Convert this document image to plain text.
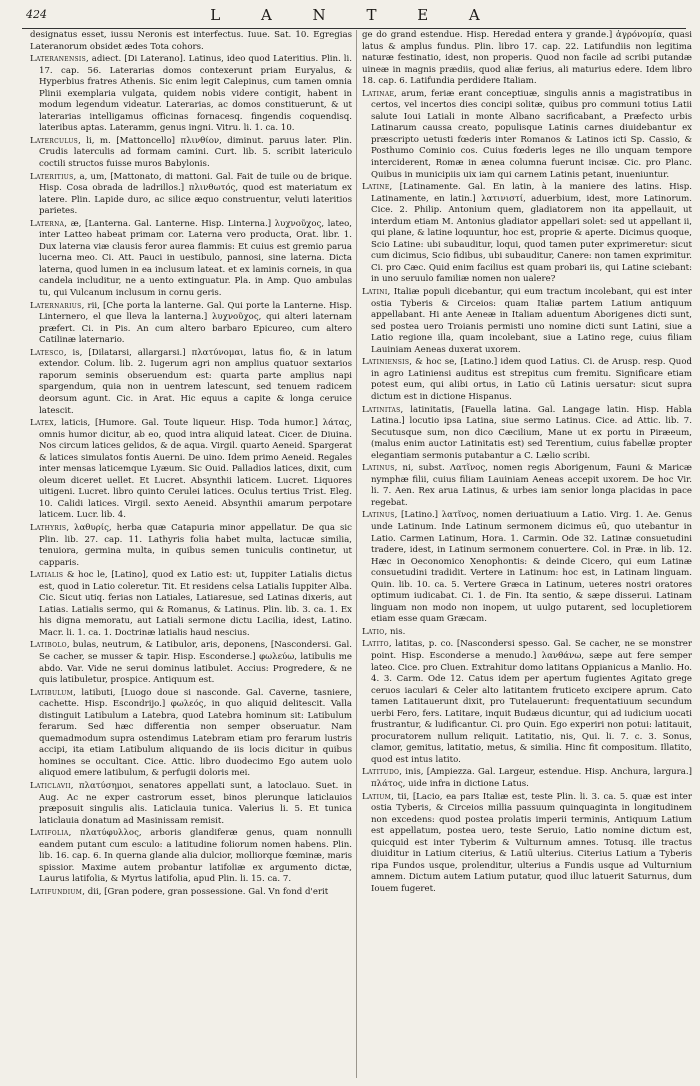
424	L A N T E A

designatus esset, iussu Neronis est interfectus. Iuue. Sat. 10. Egregias Lateranorum obsidet ædes Tota cohors.

Lateranensis, adiect. [Di Laterano]. Latinus, ideo quod Lateritius. Plin. li. 17. cap. 56. Laterarias domos contexerunt priam Euryalus, & Hyperbius fratres Athenis. Sic enim legit Calepinus, cum tamen omnia Plinii exemplaria vulgata, quidem nobis videre contigit, habent in modum legendum videatur. Laterarias, ac domos constituerunt, & ut laterarias intelligamus officinas fornacesq. fingendis coquendisq. lateribus aptas. Lateramm, genus ingni. Vitru. li. 1. ca. 10.

Laterculus, li, m. [Mattoncello] πλινθίον, diminut. paruus later. Plin. Crudis laterculis ad formam camini. Curt. lib. 5. scribit latericulo coctili structos fuisse muros Babylonis.

Lateritius, a, um, [Mattonato, di mattoni. Gal. Fait de tuile ou de brique. Hisp. Cosa obrada de ladrillos.] πλινθωτός, quod est materiatum ex latere. Plin. Lapide duro, ac silice æquo construentur, veluti lateritios parietes.

Laterna, æ, [Lanterna. Gal. Lanterne. Hisp. Linterna.] λυχνοῦχος, lateo, inter Latteo habeat primam cor. Laterna vero producta, Orat. libr. 1. Dux laterna viæ clausis feror aurea flammis: Et cuius est gremio parua lucerna meo. Ci. Att. Pauci in uestibulo, pannosi, sine laterna. Dicta laterna, quod lumen in ea inclusum lateat. et ex laminis corneis, in qua candela includitur, ne a uento extinguatur. Pla. in Amp. Quo ambulas tu, qui Vulcanum inclusum in cornu geris.

Laternarius, rii, [Che porta la lanterne. Gal. Qui porte la Lanterne. Hisp. Linternero, el que lleva la lanterna.] λυχνοῦχος, qui alteri laternam præfert. Ci. in Pis. An cum altero barbaro Epicureo, cum altero Catilinæ laternario.

Latesco, is, [Dilatarsi, allargarsi.] πλατύνομαι, latus fio, & in latum extendor. Colum. lib. 2. Iugerum agri non amplius quatuor sextarios raporum seminis obseruendum est: quarta parte amplius napi spargendum, quia non in uentrem latescunt, sed tenuem radicem deorsum agunt. Cic. in Arat. Hic equus a capite & longa ceruice latescit.

Latex, laticis, [Humore. Gal. Toute liqueur. Hisp. Toda humor.] λάτας, omnis humor dicitur, ab eo, quod intra aliquid lateat. Cicer. de Diuina. Nos circum latices gelidos, & de aqua. Virgil. quarto Aeneid. Spargerat & latices simulatos fontis Auerni. De uino. Idem primo Aeneid. Regales inter mensas laticemque Lyæum. Sic Ouid. Palladios latices, dixit, cum oleum diceret uellet. Et Lucret. Absynthii laticem. Lucret. Liquores uitigeni. Lucret. libro quinto Cerulei latices. Oculus tertius Trist. Eleg. 10. Calidi latices. Virgil. sexto Aeneid. Absynthii amarum perpotare laticem. Lucr. lib. 4.

Lathyris, λαθυρίς, herba quæ Catapuria minor appellatur. De qua sic Plin. lib. 27. cap. 11. Lathyris folia habet multa, lactucæ similia, tenuiora, germina multa, in quibus semen tuniculis continetur, ut capparis.

Latialis & hoc le, [Latino], quod ex Latio est: ut, Iuppiter Latialis dictus est, quod in Latio coleretur. Tit. Et residens celsa Latialis Iuppiter Alba. Cic. Sicut utiq. ferias non Latiales, Latiaresue, sed Latinas dixeris, aut Latias. Latialis sermo, qui & Romanus, & Latinus. Plin. lib. 3. ca. 1. Ex his digna memoratu, aut Latiali sermone dictu Lacilia, idest, Latino. Macr. li. 1. ca. 1. Doctrinæ latialis haud nescius.

Latibolo, bulas, neutrum, & Latibulor, aris, deponens, [Nascondersi. Gal. Se cacher, se musser & tapir. Hisp. Esconderse.] φωλεύω, latibulis me abdo. Var. Vide ne serui dominus latibulet. Accius: Progredere, & ne quis latibuletur, prospice. Antiquum est.

Latibulum, latibuti, [Luogo doue si nasconde. Gal. Caverne, tasniere, cachette. Hisp. Escondrijo.] φωλεός, in quo aliquid delitescit. Valla distinguit Latibulum a Latebra, quod Latebra hominum sit: Latibulum ferarum. Sed hæc differentia non semper obseruatur. Nam quemadmodum supra ostendimus Latebram etiam pro ferarum lustris accipi, ita etiam Latibulum aliquando de iis locis dicitur in quibus homines se occultant. Cice. Attic. libro duodecimo Ego autem uolo aliquod emere latibulum, & perfugii doloris mei.

Laticlavii, πλατύσημοι, senatores appellati sunt, a latoclauo. Suet. in Aug. Ac ne exper castrorum esset, binos plerunque laticlauios præposuit singulis alis. Laticlauia tunica. Valerius li. 5. Et tunica laticlauia donatum ad Masinissam remisit.

Latifolia, πλατύφυλλος, arboris glandiferæ genus, quam nonnulli eandem putant cum esculo: a latitudine foliorum nomen habens. Plin. lib. 16. cap. 6. In querna glande alia dulcior, molliorque fœminæ, maris spissior. Maxime autem probantur latifoliæ ex argumento dictæ, Laurus latifolia, & Myrtus latifolia, apud Plin. li. 15. ca. 7.

Latifundium, dii, [Gran podere, gran possessione. Gal. Vn fond d'erit

ge do grand estendue. Hisp. Heredad entera y grande.] ἀγρόνομία, quasi latus & amplus fundus. Plin. libro 17. cap. 22. Latifundiis non legitima naturæ festinatio, idest, non properis. Quod non facile ad scribi putandæ uineæ in magnis prædiis, quod aliæ ferius, ali maturius edere. Idem libro 18. cap. 6. Latifundia perdidere Italiam.

Latinae, arum, feriæ erant conceptiuæ, singulis annis a magistratibus in certos, vel incertos dies concipi solitæ, quibus pro communi totius Latii salute Ioui Latiali in monte Albano sacrificabant, a Præfecto urbis Latinarum caussa creato, populisque Latinis carnes diuidebantur ex præscripto uetusti fœderis inter Romanos & Latinos icti Sp. Cassio, & Posthumo Cominio cos. Cuius fœderis leges ne illo unquam tempore interciderent, Romæ in ænea columna fuerunt incisæ. Cic. pro Planc. Quibus in municipiis uix iam qui carnem Latinis petant, inueniuntur.

Latine, [Latinamente. Gal. En latin, à la maniere des latins. Hisp. Latinamente, en latin.] λατινιστί, aduerbium, idest, more Latinorum. Cice. 2. Philip. Antonium quem, gladiatorem non ita appellauit, ut interdum etiam M. Antonius gladiator appellari solet: sed ut appellant ii, qui plane, & latine loquuntur, hoc est, proprie & aperte. Dicimus quoque, Scio Latine: ubi subauditur, loqui, quod tamen puter exprimeretur: sicut cum dicimus, Scio fidibus, ubi subauditur, Canere: non tamen exprimitur. Ci. pro Cæc. Quid enim facilius est quam probari iis, qui Latine sciebant: in uno seruulo familiæ nomen non ualere?

Latini, Italiæ populi dicebantur, qui eum tractum incolebant, qui est inter ostia Tyberis & Circeios: quam Italiæ partem Latium antiquum appellabant. Hi ante Aeneæ in Italiam aduentum Aborigenes dicti sunt, sed postea uero Troianis permisti uno nomine dicti sunt Latini, siue a Latio regione illa, quam incolebant, siue a Latino rege, cuius filiam Lauiniam Aeneas duxerat uxorem.

Latiniensis, & hoc se, [Latino.] idem quod Latius. Ci. de Arusp. resp. Quod in agro Latiniensi auditus est strepitus cum fremitu. Significare etiam potest eum, qui alibi ortus, in Latio cū Latinis uersatur: sicut supra dictum est in dictione Hispanus.

Latinitas, latinitatis, [Fauella latina. Gal. Langage latin. Hisp. Habla Latina.] locutio ipsa Latina, siue sermo Latinus. Cice. ad Attic. lib. 7. Secutusque sum, non dico Cæcilium, Mane ut ex portu in Piræeum, (malus enim auctor Latinitatis est) sed Terentium, cuius fabellæ propter elegantiam sermonis putabantur a C. Lælio scribi.

Latinus, ni, subst. Λατῖνος, nomen regis Aborigenum, Fauni & Maricæ nymphæ filii, cuius filiam Lauiniam Aeneas accepit uxorem. De hoc Vir. li. 7. Aen. Rex arua Latinus, & urbes iam senior longa placidas in pace regebat.

Latinus, [Latino.] λατῖνος, nomen deriuatiuum a Latio. Virg. 1. Ae. Genus unde Latinum. Inde Latinum sermonem dicimus eū, quo utebantur in Latio. Carmen Latinum, Hora. 1. Carmin. Ode 32. Latinæ consuetudini tradere, idest, in Latinum sermonem conuertere. Col. in Præ. in lib. 12. Hæc in Oeconomico Xenophontis: & deinde Cicero, qui eum Latinæ consuetudini tradidit. Vertere in Latinum: hoc est, in Latinam linguam. Quin. lib. 10. ca. 5. Vertere Græca in Latinum, ueteres nostri oratores optimum iudicabat. Ci. 1. de Fin. Ita sentio, & sæpe disserui. Latinam linguam non modo non inopem, ut uulgo putarent, sed locupletiorem etiam esse quam Græcam.

Latio, nis.

Latito, latitas, p. co. [Nascondersi spesso. Gal. Se cacher, ne se monstrer point. Hisp. Esconderse a menudo.] λανθάνω, sæpe aut fere semper lateo. Cice. pro Cluen. Extrahitur domo latitans Oppianicus a Manlio. Ho. 4. 3. Carm. Ode 12. Catus idem per apertum fugientes Agitato grege ceruos iaculari & Celer alto latitantem fruticeto excipere aprum. Cato tamen Latitauerunt dixit, pro Tutelauerunt: frequentatiuum secundum uerbi Fero, fers. Latitare, inquit Budæus dicuntur, qui ad iudicium uocati frustrantur, & ludificantur. Ci. pro Quin. Ego experiri non potui: latitauit, procuratorem nullum reliquit. Latitatio, nis, Qui. li. 7. c. 3. Sonus, clamor, gemitus, latitatio, metus, & similia. Hinc fit compositum. Illatito, quod est intus latito.

Latitudo, inis, [Ampiezza. Gal. Largeur, estendue. Hisp. Anchura, largura.] πλάτος, uide infra in dictione Latus.

Latium, tii, [Lacio, ea pars Italiæ est, teste Plin. li. 3. ca. 5. quæ est inter ostia Tyberis, & Circeios millia passuum quinquaginta in longitudinem non excedens: quod postea prolatis imperii terminis, Antiquum Latium est appellatum, postea uero, teste Seruio, Latio nomine dictum est, quicquid est inter Tyberim & Vulturnum amnes. Totusq. ille tractus diuiditur in Latium citerius, & Latiū ulterius. Citerius Latium a Tyberis ripa Fundos usque, prolenditur, ulterius a Fundis usque ad Vulturnium amnem. Dictum autem Latium putatur, quod illuc latuerit Saturnus, dum Iouem fugeret.
